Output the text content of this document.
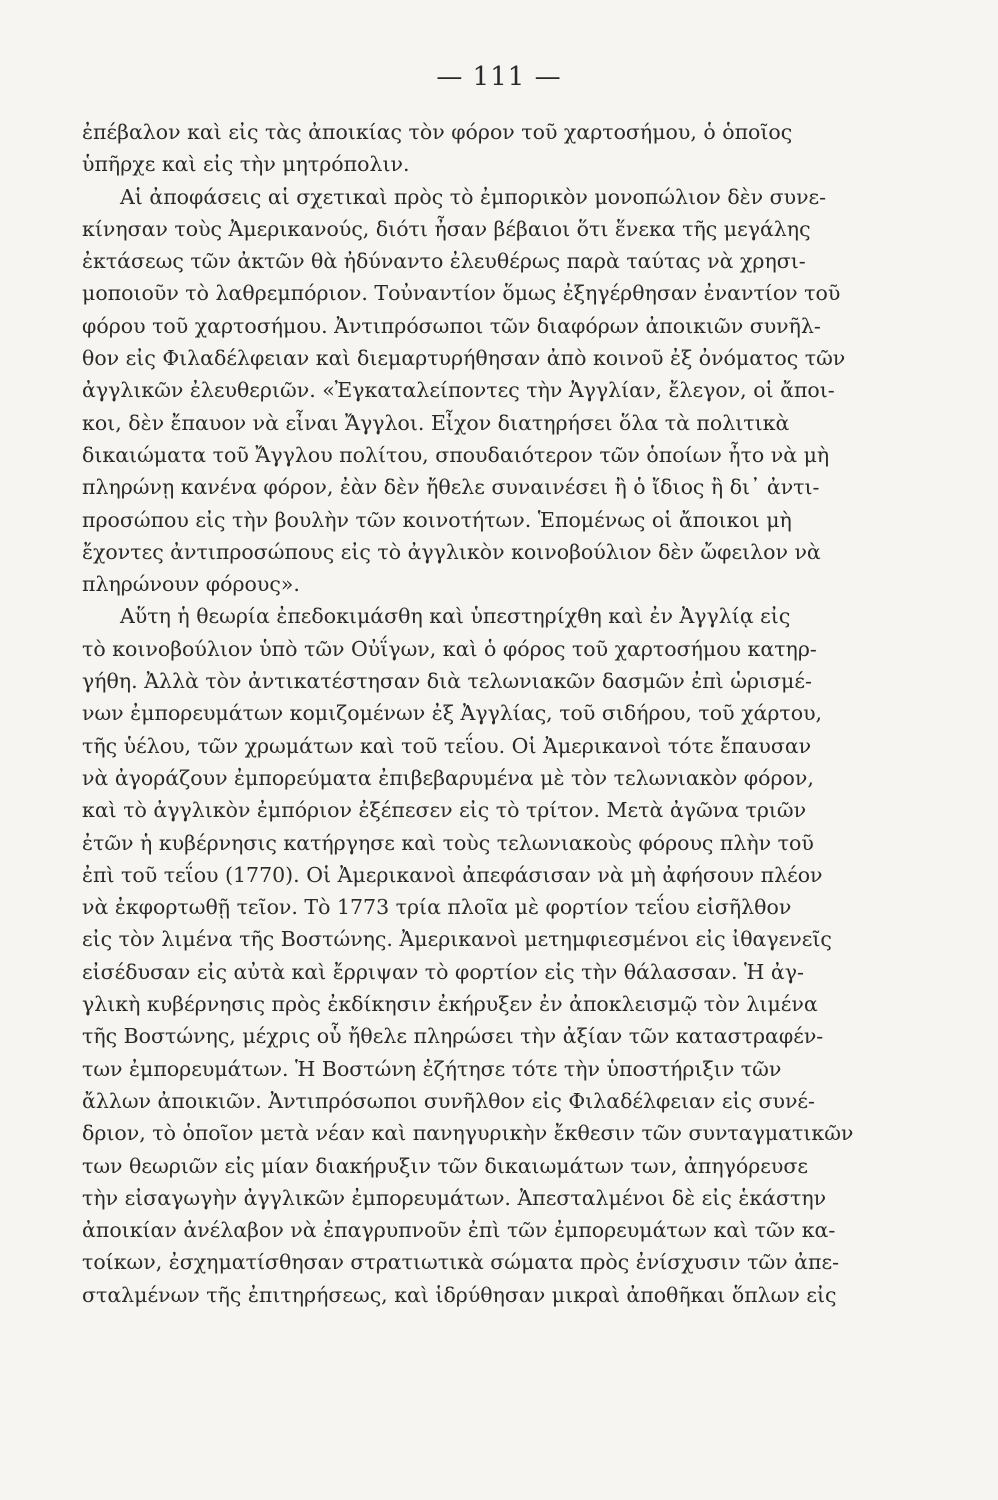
— 111 —
ἐπέβαλον καὶ εἰς τὰς ἀποικίας τὸν φόρον τοῦ χαρτοσήμου, ὁ ὁποῖος
ὑπῆρχε καὶ εἰς τὴν μητρόπολιν.
Αἱ ἀποφάσεις αἱ σχετικαὶ πρὸς τὸ ἐμπορικὸν μονοπώλιον δὲν συνε-
κίνησαν τοὺς Ἀμερικανούς, διότι ἦσαν βέβαιοι ὅτι ἕνεκα τῆς μεγάλης
ἐκτάσεως τῶν ἀκτῶν θὰ ἠδύναντο ἐλευθέρως παρὰ ταύτας νὰ χρησι-
μοποιοῦν τὸ λαθρεμπόριον. Τοὐναντίον ὅμως ἐξηγέρθησαν ἐναντίον τοῦ
φόρου τοῦ χαρτοσήμου. Ἀντιπρόσωποι τῶν διαφόρων ἀποικιῶν συνῆλ-
θον εἰς Φιλαδέλφειαν καὶ διεμαρτυρήθησαν ἀπὸ κοινοῦ ἐξ ὀνόματος τῶν
ἀγγλικῶν ἐλευθεριῶν. «Ἐγκαταλείποντες τὴν Ἀγγλίαν, ἔλεγον, οἱ ἄποι-
κοι, δὲν ἔπαυον νὰ εἶναι Ἄγγλοι. Εἶχον διατηρήσει ὅλα τὰ πολιτικὰ
δικαιώματα τοῦ Ἄγγλου πολίτου, σπουδαιότερον τῶν ὁποίων ἦτο νὰ μὴ
πληρώνῃ κανένα φόρον, ἐὰν δὲν ἤθελε συναινέσει ἢ ὁ ἴδιος ἢ δι᾽ ἀντι-
προσώπου εἰς τὴν βουλὴν τῶν κοινοτήτων. Ἑπομένως οἱ ἄποικοι μὴ
ἔχοντες ἀντιπροσώπους εἰς τὸ ἀγγλικὸν κοινοβούλιον δὲν ὤφειλον νὰ
πληρώνουν φόρους».
Αὕτη ἡ θεωρία ἐπεδοκιμάσθη καὶ ὑπεστηρίχθη καὶ ἐν Ἀγγλίᾳ εἰς
τὸ κοινοβούλιον ὑπὸ τῶν Οὐΐγων, καὶ ὁ φόρος τοῦ χαρτοσήμου κατηρ-
γήθη. Ἀλλὰ τὸν ἀντικατέστησαν διὰ τελωνιακῶν δασμῶν ἐπὶ ὡρισμέ-
νων ἐμπορευμάτων κομιζομένων ἐξ Ἀγγλίας, τοῦ σιδήρου, τοῦ χάρτου,
τῆς ὑέλου, τῶν χρωμάτων καὶ τοῦ τεΐου. Οἱ Ἀμερικανοὶ τότε ἔπαυσαν
νὰ ἀγοράζουν ἐμπορεύματα ἐπιβεβαρυμένα μὲ τὸν τελωνιακὸν φόρον,
καὶ τὸ ἀγγλικὸν ἐμπόριον ἐξέπεσεν εἰς τὸ τρίτον. Μετὰ ἀγῶνα τριῶν
ἐτῶν ἡ κυβέρνησις κατήργησε καὶ τοὺς τελωνιακοὺς φόρους πλὴν τοῦ
ἐπὶ τοῦ τεΐου (1770). Οἱ Ἀμερικανοὶ ἀπεφάσισαν νὰ μὴ ἀφήσουν πλέον
νὰ ἐκφορτωθῇ τεῖον. Τὸ 1773 τρία πλοῖα μὲ φορτίον τεΐου εἰσῆλθον
εἰς τὸν λιμένα τῆς Βοστώνης. Ἀμερικανοὶ μετημφιεσμένοι εἰς ἰθαγενεῖς
εἰσέδυσαν εἰς αὐτὰ καὶ ἔρριψαν τὸ φορτίον εἰς τὴν θάλασσαν. Ἡ ἀγ-
γλικὴ κυβέρνησις πρὸς ἐκδίκησιν ἐκήρυξεν ἐν ἀποκλεισμῷ τὸν λιμένα
τῆς Βοστώνης, μέχρις οὗ ἤθελε πληρώσει τὴν ἀξίαν τῶν καταστραφέν-
των ἐμπορευμάτων. Ἡ Βοστώνη ἐζήτησε τότε τὴν ὑποστήριξιν τῶν
ἄλλων ἀποικιῶν. Ἀντιπρόσωποι συνῆλθον εἰς Φιλαδέλφειαν εἰς συνέ-
δριον, τὸ ὁποῖον μετὰ νέαν καὶ πανηγυρικὴν ἔκθεσιν τῶν συνταγματικῶν
των θεωριῶν εἰς μίαν διακήρυξιν τῶν δικαιωμάτων των, ἀπηγόρευσε
τὴν εἰσαγωγὴν ἀγγλικῶν ἐμπορευμάτων. Ἀπεσταλμένοι δὲ εἰς ἑκάστην
ἀποικίαν ἀνέλαβον νὰ ἐπαγρυπνοῦν ἐπὶ τῶν ἐμπορευμάτων καὶ τῶν κα-
τοίκων, ἐσχηματίσθησαν στρατιωτικὰ σώματα πρὸς ἐνίσχυσιν τῶν ἀπε-
σταλμένων τῆς ἐπιτηρήσεως, καὶ ἱδρύθησαν μικραὶ ἀποθῆκαι ὅπλων εἰς
